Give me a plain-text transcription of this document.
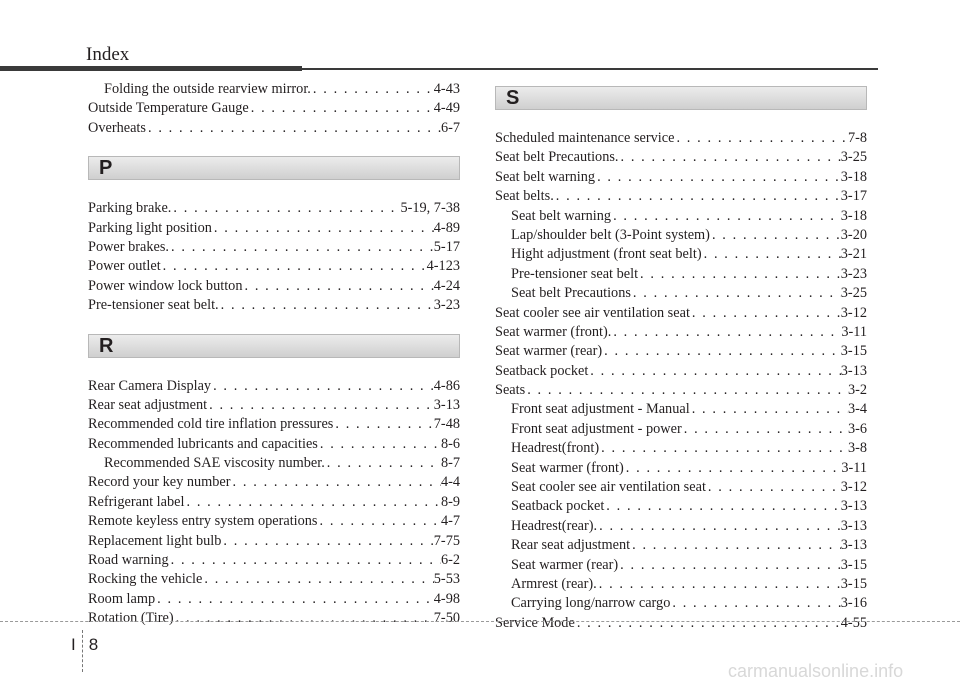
Index
Folding the outside rearview mirror. . . .	4-43
Outside Temperature Gauge . . .	4-49
Overheats . . .	6-7
P
Parking brake. . . .	5-19, 7-38
Parking light position . . .	4-89
Power brakes. . . .	5-17
Power outlet . . .	4-123
Power window lock button . . .	4-24
Pre-tensioner seat belt. . . .	3-23
R
Rear Camera Display . . .	4-86
Rear seat adjustment . . .	3-13
Recommended cold tire inflation pressures . . .	7-48
Recommended lubricants and capacities . . .	8-6
Recommended SAE viscosity number. . . .	8-7
Record your key number . . .	4-4
Refrigerant label . . .	8-9
Remote keyless entry system operations . . .	4-7
Replacement light bulb . . .	7-75
Road warning . . .	6-2
Rocking the vehicle . . .	5-53
Room lamp . . .	4-98
Rotation (Tire) . . .	7-50
S
Scheduled maintenance service . . .	7-8
Seat belt Precautions. . . .	3-25
Seat belt warning . . .	3-18
Seat belts. . . .	3-17
Seat belt warning . . .	3-18
Lap/shoulder belt (3-Point system) . . .	3-20
Hight adjustment (front seat belt) . . .	3-21
Pre-tensioner seat belt . . .	3-23
Seat belt Precautions . . .	3-25
Seat cooler see air ventilation seat . . .	3-12
Seat warmer (front). . . .	3-11
Seat warmer (rear) . . .	3-15
Seatback pocket . . .	3-13
Seats . . .	3-2
Front seat adjustment - Manual . . .	3-4
Front seat adjustment - power . . .	3-6
Headrest(front) . . .	3-8
Seat warmer (front) . . .	3-11
Seat cooler see air ventilation seat . . .	3-12
Seatback pocket . . .	3-13
Headrest(rear). . . .	3-13
Rear seat adjustment . . .	3-13
Seat warmer (rear) . . .	3-15
Armrest (rear). . . .	3-15
Carrying long/narrow cargo . . .	3-16
Service Mode . . .	4-55
I 8
carmanualsonline.info
